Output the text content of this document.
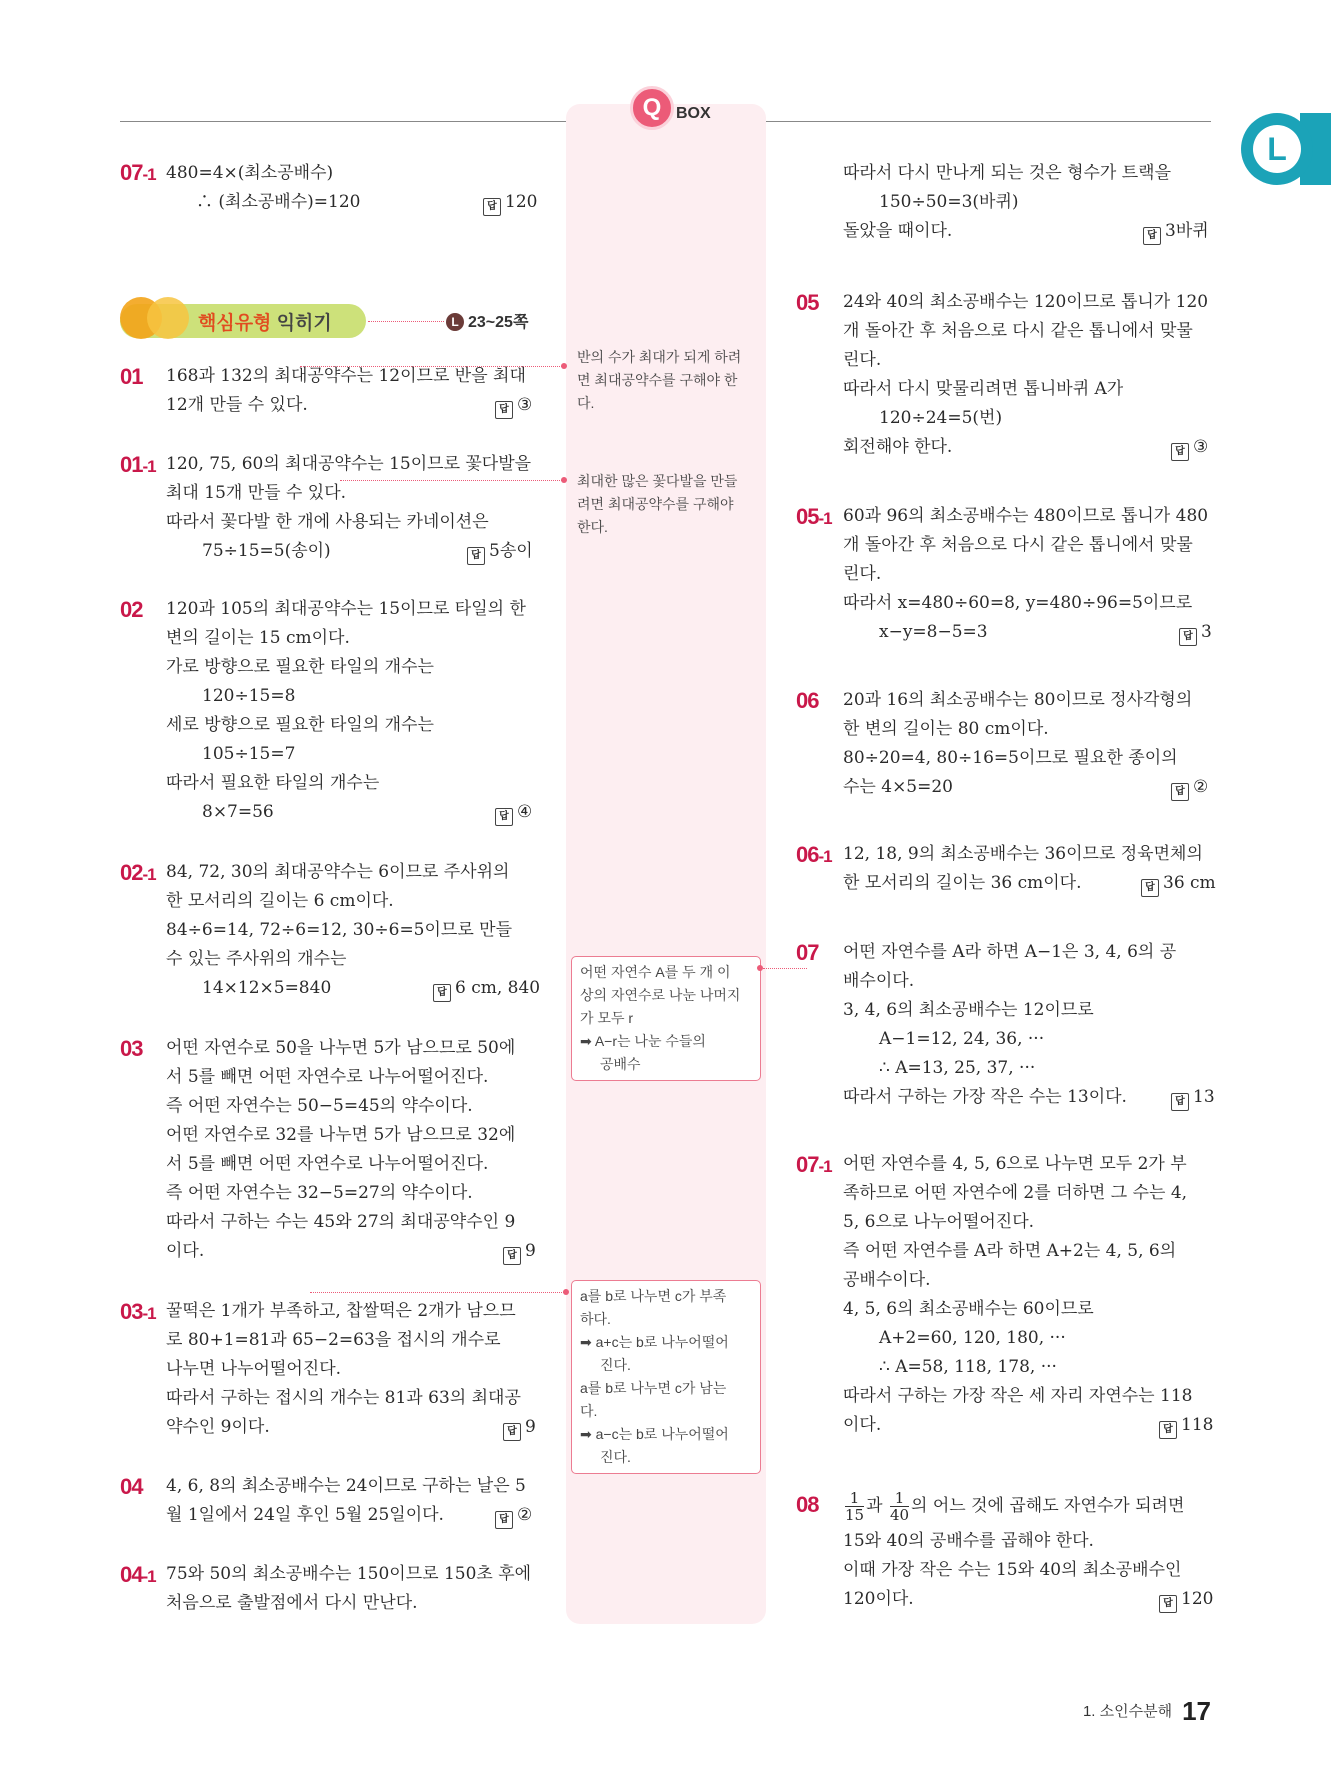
Q BOX
L
07-1 480=4×(최소공배수)
∴ (최소공배수)=120	답 120
핵심유형 익히기	L 23~25쪽
01 168과 132의 최대공약수는 12이므로 반을 최대
12개 만들 수 있다.	답 ③
01-1 120, 75, 60의 최대공약수는 15이므로 꽃다발을
최대 15개 만들 수 있다.
따라서 꽃다발 한 개에 사용되는 카네이션은
75÷15=5(송이)	답 5송이
02 120과 105의 최대공약수는 15이므로 타일의 한
변의 길이는 15 cm이다.
가로 방향으로 필요한 타일의 개수는
120÷15=8
세로 방향으로 필요한 타일의 개수는
105÷15=7
따라서 필요한 타일의 개수는
8×7=56	답 ④
02-1 84, 72, 30의 최대공약수는 6이므로 주사위의
한 모서리의 길이는 6 cm이다.
84÷6=14, 72÷6=12, 30÷6=5이므로 만들
수 있는 주사위의 개수는
14×12×5=840	답 6 cm, 840
03 어떤 자연수로 50을 나누면 5가 남으므로 50에
서 5를 빼면 어떤 자연수로 나누어떨어진다.
즉 어떤 자연수는 50−5=45의 약수이다.
어떤 자연수로 32를 나누면 5가 남으므로 32에
서 5를 빼면 어떤 자연수로 나누어떨어진다.
즉 어떤 자연수는 32−5=27의 약수이다.
따라서 구하는 수는 45와 27의 최대공약수인 9
이다.	답 9
03-1 꿀떡은 1개가 부족하고, 찹쌀떡은 2개가 남으므
로 80+1=81과 65−2=63을 접시의 개수로
나누면 나누어떨어진다.
따라서 구하는 접시의 개수는 81과 63의 최대공
약수인 9이다.	답 9
04 4, 6, 8의 최소공배수는 24이므로 구하는 날은 5
월 1일에서 24일 후인 5월 25일이다.	답 ②
04-1 75와 50의 최소공배수는 150이므로 150초 후에
처음으로 출발점에서 다시 만난다.
반의 수가 최대가 되게 하려
면 최대공약수를 구해야 한
다.
최대한 많은 꽃다발을 만들
려면 최대공약수를 구해야
한다.
어떤 자연수 A를 두 개 이
상의 자연수로 나눈 나머지
가 모두 r
➡ A−r는 나눈 수들의
공배수
a를 b로 나누면 c가 부족
하다.
➡ a+c는 b로 나누어떨어
진다.
a를 b로 나누면 c가 남는
다.
➡ a−c는 b로 나누어떨어
진다.
따라서 다시 만나게 되는 것은 형수가 트랙을
150÷50=3(바퀴)
돌았을 때이다.	답 3바퀴
05 24와 40의 최소공배수는 120이므로 톱니가 120
개 돌아간 후 처음으로 다시 같은 톱니에서 맞물
린다.
따라서 다시 맞물리려면 톱니바퀴 A가
120÷24=5(번)
회전해야 한다.	답 ③
05-1 60과 96의 최소공배수는 480이므로 톱니가 480
개 돌아간 후 처음으로 다시 같은 톱니에서 맞물
린다.
따라서 x=480÷60=8, y=480÷96=5이므로
x−y=8−5=3	답 3
06 20과 16의 최소공배수는 80이므로 정사각형의
한 변의 길이는 80 cm이다.
80÷20=4, 80÷16=5이므로 필요한 종이의
수는 4×5=20	답 ②
06-1 12, 18, 9의 최소공배수는 36이므로 정육면체의
한 모서리의 길이는 36 cm이다.	답 36 cm
07 어떤 자연수를 A라 하면 A−1은 3, 4, 6의 공
배수이다.
3, 4, 6의 최소공배수는 12이므로
A−1=12, 24, 36, ···
∴ A=13, 25, 37, ···
따라서 구하는 가장 작은 수는 13이다.	답 13
07-1 어떤 자연수를 4, 5, 6으로 나누면 모두 2가 부
족하므로 어떤 자연수에 2를 더하면 그 수는 4,
5, 6으로 나누어떨어진다.
즉 어떤 자연수를 A라 하면 A+2는 4, 5, 6의
공배수이다.
4, 5, 6의 최소공배수는 60이므로
A+2=60, 120, 180, ···
∴ A=58, 118, 178, ···
따라서 구하는 가장 작은 세 자리 자연수는 118
이다.	답 118
$08 \frac{1}{15}$ 과 $\frac{1}{40}$ 의 어느 것에 곱해도 자연수가 되려면
15와 40의 공배수를 곱해야 한다.
이때 가장 작은 수는 15와 40의 최소공배수인
120이다.	답 120
1. 소인수분해 17
